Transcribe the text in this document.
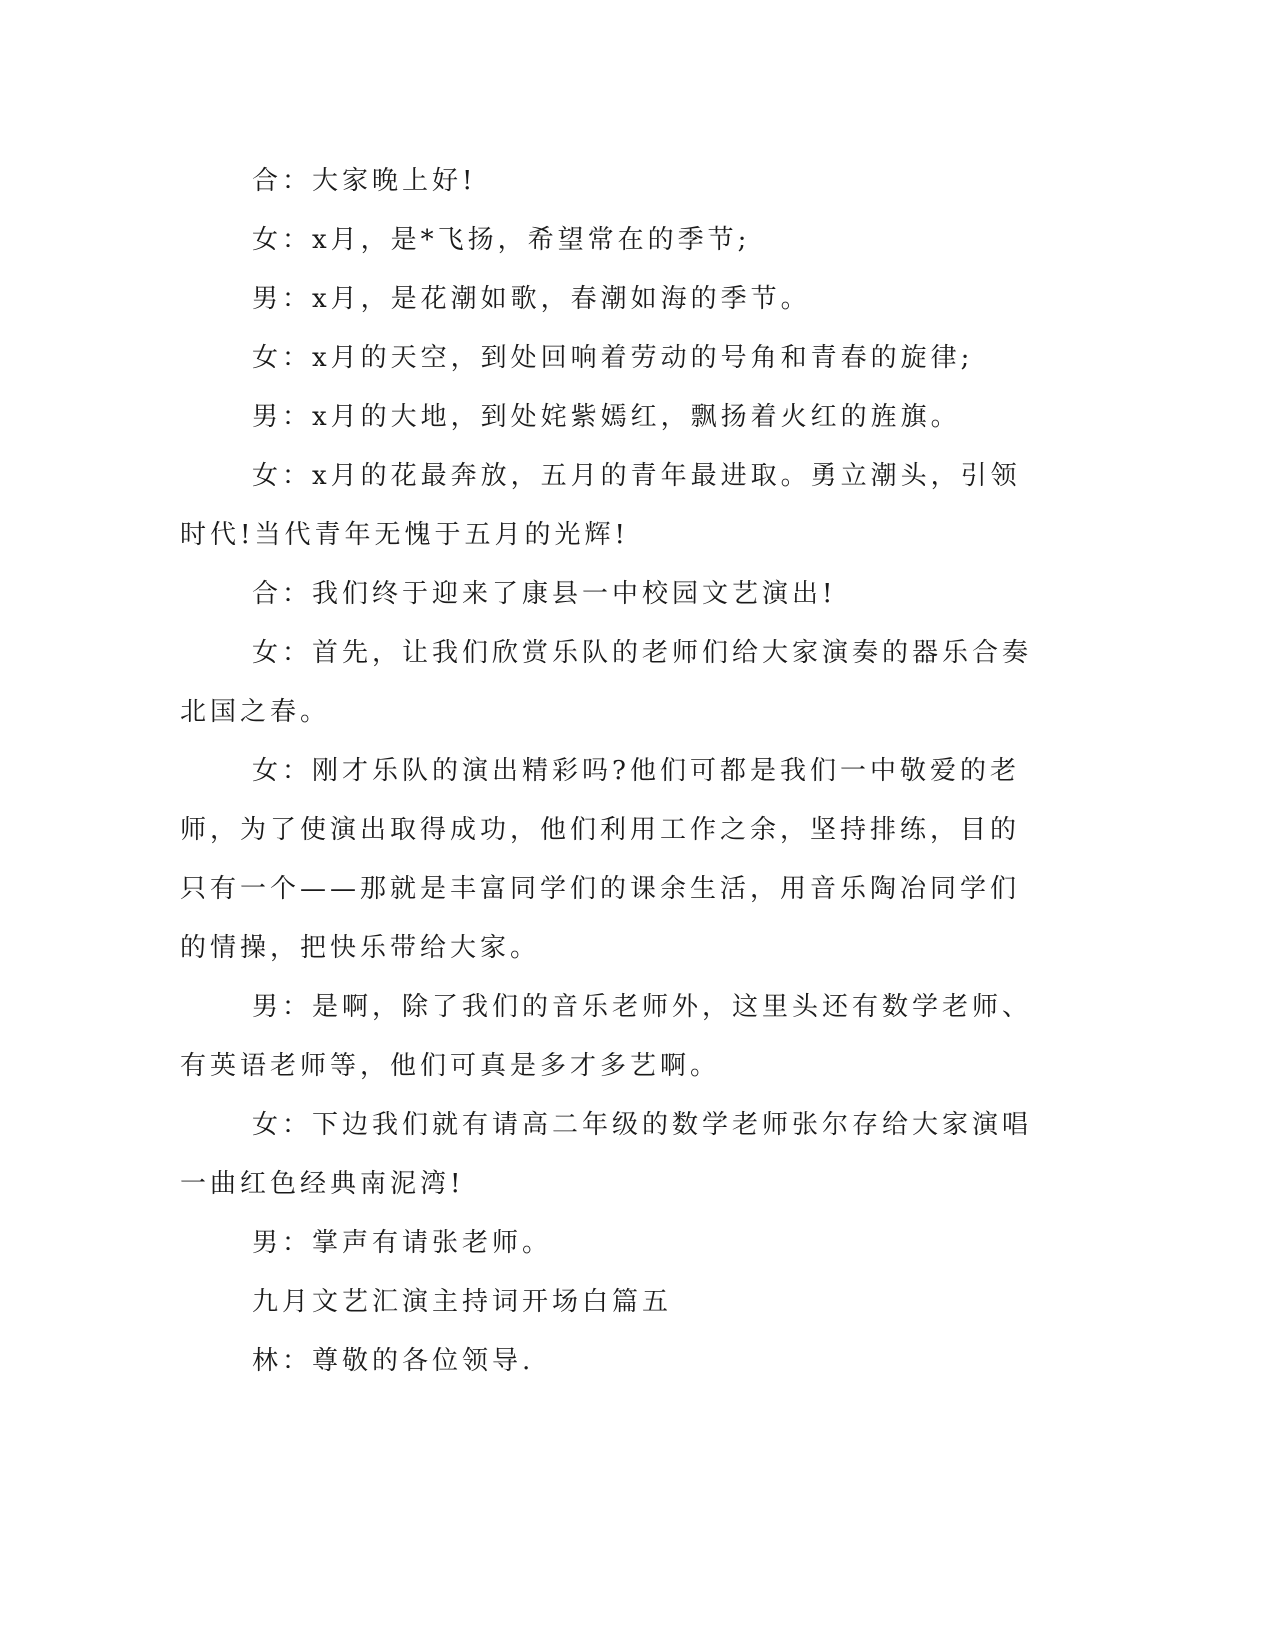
合：大家晚上好!

女：x月，是*飞扬，希望常在的季节;

男：x月，是花潮如歌，春潮如海的季节。

女：x月的天空，到处回响着劳动的号角和青春的旋律;

男：x月的大地，到处姹紫嫣红，飘扬着火红的旌旗。

女：x月的花最奔放，五月的青年最进取。勇立潮头，引领时代!当代青年无愧于五月的光辉!

合：我们终于迎来了康县一中校园文艺演出!

女：首先，让我们欣赏乐队的老师们给大家演奏的器乐合奏北国之春。

女：刚才乐队的演出精彩吗?他们可都是我们一中敬爱的老师，为了使演出取得成功，他们利用工作之余，坚持排练，目的只有一个——那就是丰富同学们的课余生活，用音乐陶冶同学们的情操，把快乐带给大家。

男：是啊，除了我们的音乐老师外，这里头还有数学老师、有英语老师等，他们可真是多才多艺啊。

女：下边我们就有请高二年级的数学老师张尔存给大家演唱一曲红色经典南泥湾!

男：掌声有请张老师。

九月文艺汇演主持词开场白篇五

林：尊敬的各位领导.
